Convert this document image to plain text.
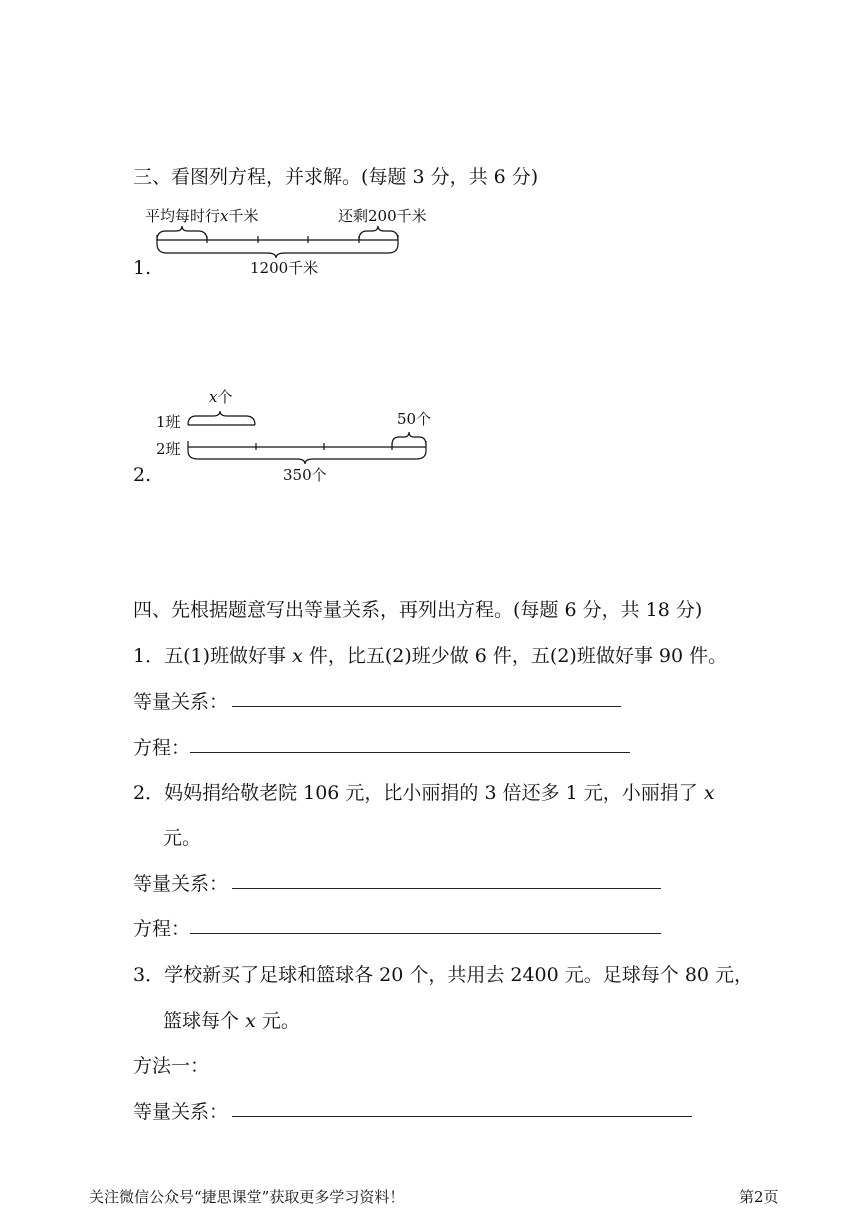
三、看图列方程，并求解。(每题 3 分，共 6 分)
平均每时行x千米	还剩200千米
1.	1200千米
x个
1班	50个
2班
2.	350个
四、先根据题意写出等量关系，再列出方程。(每题 6 分，共 18 分)
1．五(1)班做好事 x 件，比五(2)班少做 6 件，五(2)班做好事 90 件。
等量关系：
方程：
2．妈妈捐给敬老院 106 元，比小丽捐的 3 倍还多 1 元，小丽捐了 x
元。
等量关系：
方程：
3．学校新买了足球和篮球各 20 个，共用去 2400 元。足球每个 80 元，
篮球每个 x 元。
方法一：
等量关系：
关注微信公众号“捷思课堂”获取更多学习资料！	第2页
